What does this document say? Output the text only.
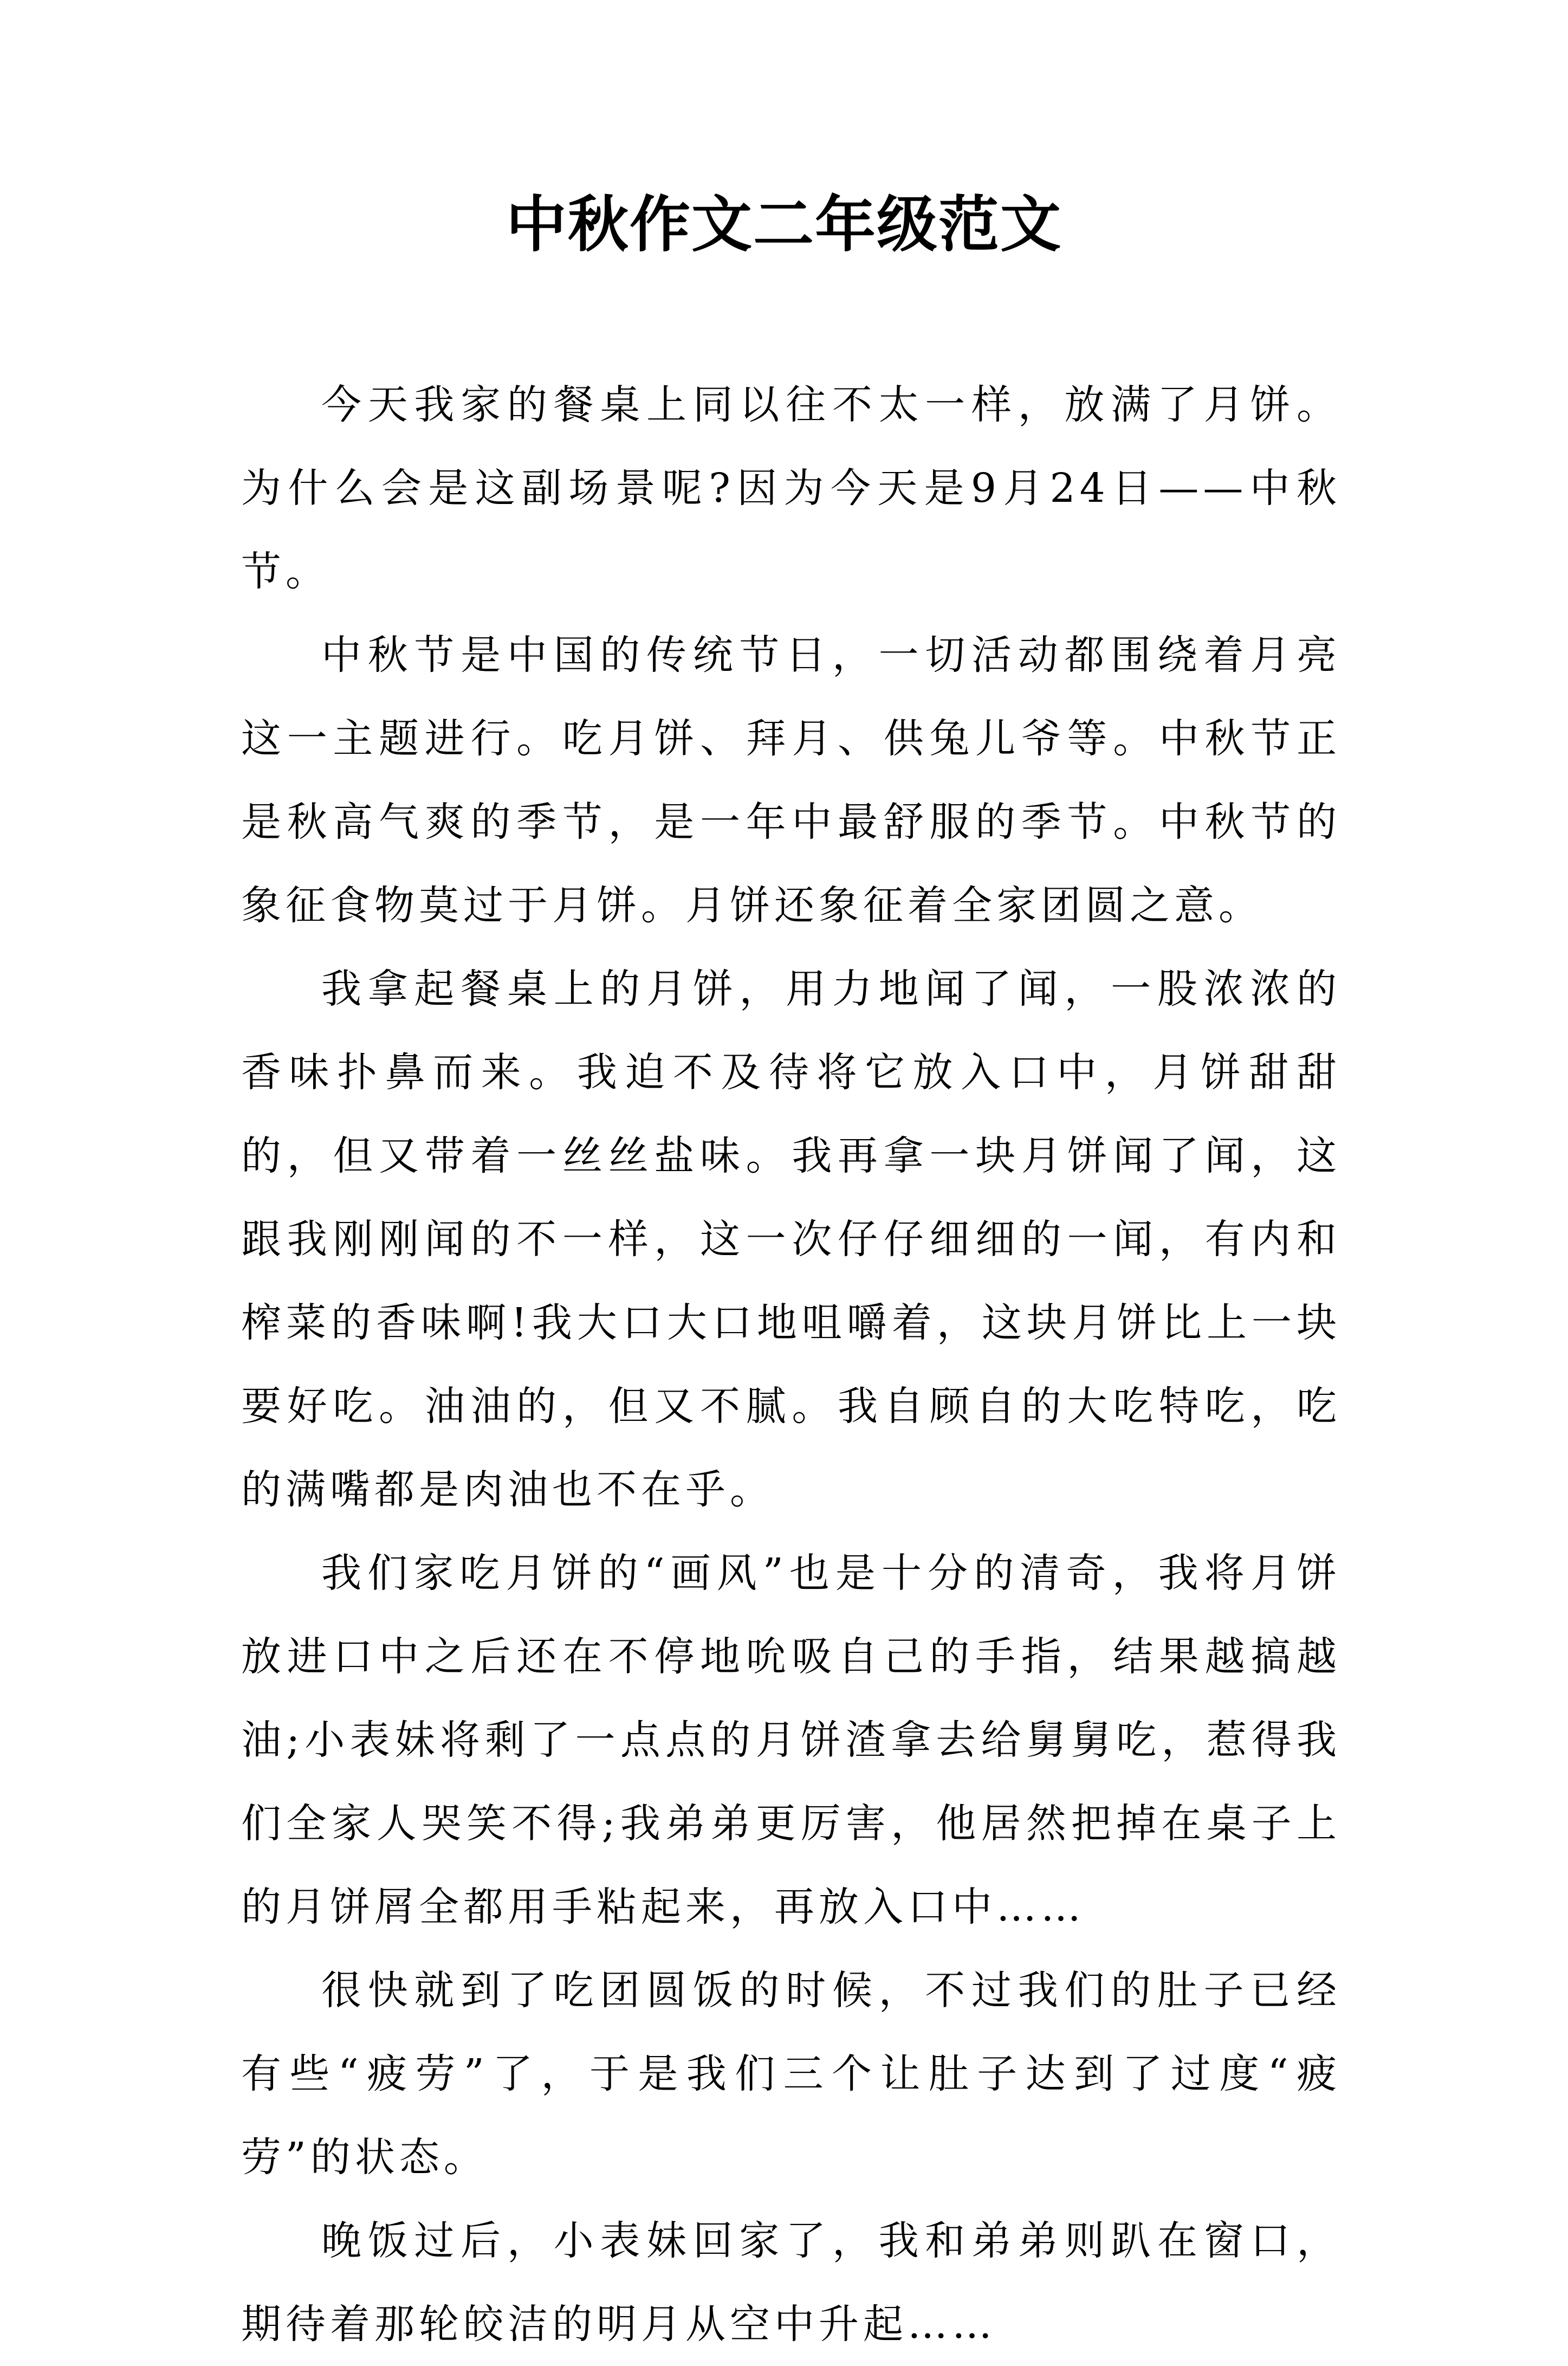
中秋作文二年级范文

今天我家的餐桌上同以往不太一样，放满了月饼。为什么会是这副场景呢?因为今天是9月24日——中秋节。

中秋节是中国的传统节日，一切活动都围绕着月亮这一主题进行。吃月饼、拜月、供兔儿爷等。中秋节正是秋高气爽的季节，是一年中最舒服的季节。中秋节的象征食物莫过于月饼。月饼还象征着全家团圆之意。

我拿起餐桌上的月饼，用力地闻了闻，一股浓浓的香味扑鼻而来。我迫不及待将它放入口中，月饼甜甜的，但又带着一丝丝盐味。我再拿一块月饼闻了闻，这跟我刚刚闻的不一样，这一次仔仔细细的一闻，有内和榨菜的香味啊!我大口大口地咀嚼着，这块月饼比上一块要好吃。油油的，但又不腻。我自顾自的大吃特吃，吃的满嘴都是肉油也不在乎。

我们家吃月饼的“画风”也是十分的清奇，我将月饼放进口中之后还在不停地吮吸自己的手指，结果越搞越油;小表妹将剩了一点点的月饼渣拿去给舅舅吃，惹得我们全家人哭笑不得;我弟弟更厉害，他居然把掉在桌子上的月饼屑全都用手粘起来，再放入口中……

很快就到了吃团圆饭的时候，不过我们的肚子已经有些“疲劳”了，于是我们三个让肚子达到了过度“疲劳”的状态。

晚饭过后，小表妹回家了，我和弟弟则趴在窗口，期待着那轮皎洁的明月从空中升起……
